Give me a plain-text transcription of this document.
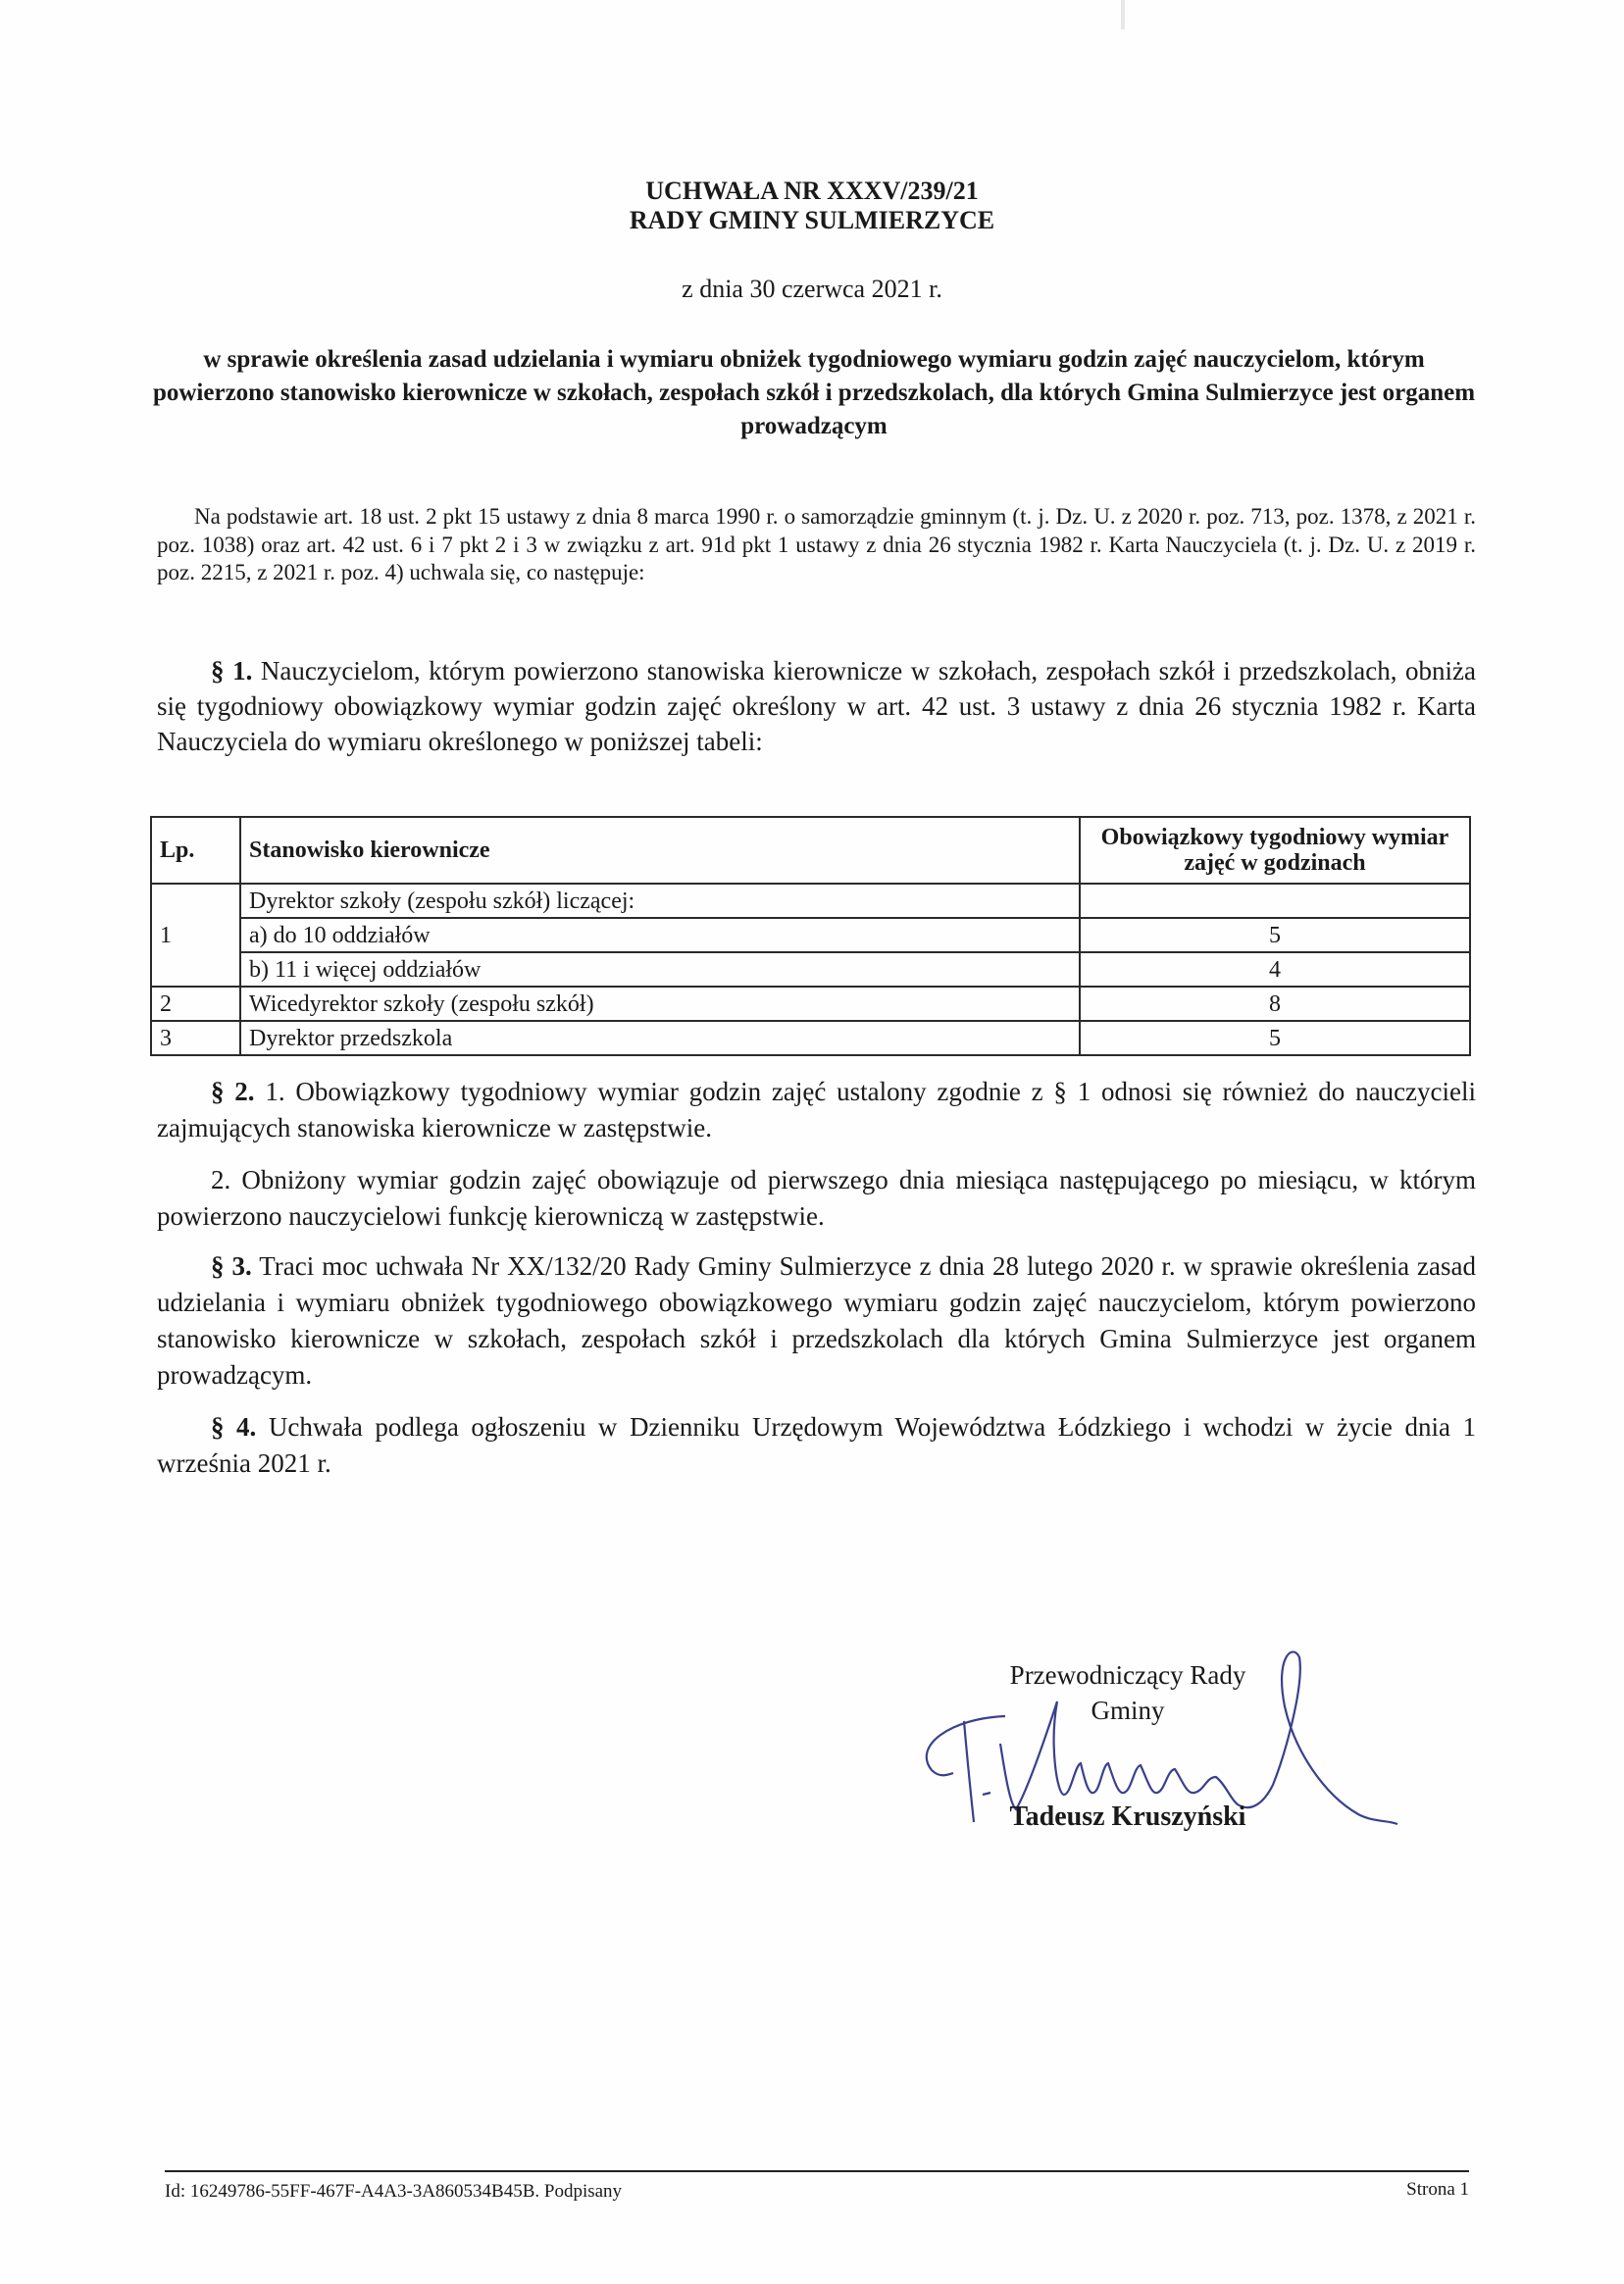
UCHWAŁA NR XXXV/239/21
RADY GMINY SULMIERZYCE
z dnia 30 czerwca 2021 r.
w sprawie określenia zasad udzielania i wymiaru obniżek tygodniowego wymiaru godzin zajęć nauczycielom, którym powierzono stanowisko kierownicze w szkołach, zespołach szkół i przedszkolach, dla których Gmina Sulmierzyce jest organem prowadzącym
Na podstawie art. 18 ust. 2 pkt 15 ustawy z dnia 8 marca 1990 r. o samorządzie gminnym (t. j. Dz. U. z 2020 r. poz. 713, poz. 1378, z 2021 r. poz. 1038) oraz art. 42 ust. 6 i 7 pkt 2 i 3 w związku z art. 91d pkt 1 ustawy z dnia 26 stycznia 1982 r. Karta Nauczyciela (t. j. Dz. U. z 2019 r. poz. 2215, z 2021 r. poz. 4) uchwala się, co następuje:
§ 1. Nauczycielom, którym powierzono stanowiska kierownicze w szkołach, zespołach szkół i przedszkolach, obniża się tygodniowy obowiązkowy wymiar godzin zajęć określony w art. 42 ust. 3 ustawy z dnia 26 stycznia 1982 r. Karta Nauczyciela do wymiaru określonego w poniższej tabeli:
Lp.	Stanowisko kierownicze	Obowiązkowy tygodniowy wymiar zajęć w godzinach
1	Dyrektor szkoły (zespołu szkół) liczącej:	
	a) do 10 oddziałów	5
	b) 11 i więcej oddziałów	4
2	Wicedyrektor szkoły (zespołu szkół)	8
3	Dyrektor przedszkola	5
§ 2. 1. Obowiązkowy tygodniowy wymiar godzin zajęć ustalony zgodnie z § 1 odnosi się również do nauczycieli zajmujących stanowiska kierownicze w zastępstwie.
2. Obniżony wymiar godzin zajęć obowiązuje od pierwszego dnia miesiąca następującego po miesiącu, w którym powierzono nauczycielowi funkcję kierowniczą w zastępstwie.
§ 3. Traci moc uchwała Nr XX/132/20 Rady Gminy Sulmierzyce z dnia 28 lutego 2020 r. w sprawie określenia zasad udzielania i wymiaru obniżek tygodniowego obowiązkowego wymiaru godzin zajęć nauczycielom, którym powierzono stanowisko kierownicze w szkołach, zespołach szkół i przedszkolach dla których Gmina Sulmierzyce jest organem prowadzącym.
§ 4. Uchwała podlega ogłoszeniu w Dzienniku Urzędowym Województwa Łódzkiego i wchodzi w życie dnia 1 września 2021 r.
Przewodniczący Rady
Gminy
Tadeusz Kruszyński
Id: 16249786-55FF-467F-A4A3-3A860534B45B. Podpisany	Strona 1
